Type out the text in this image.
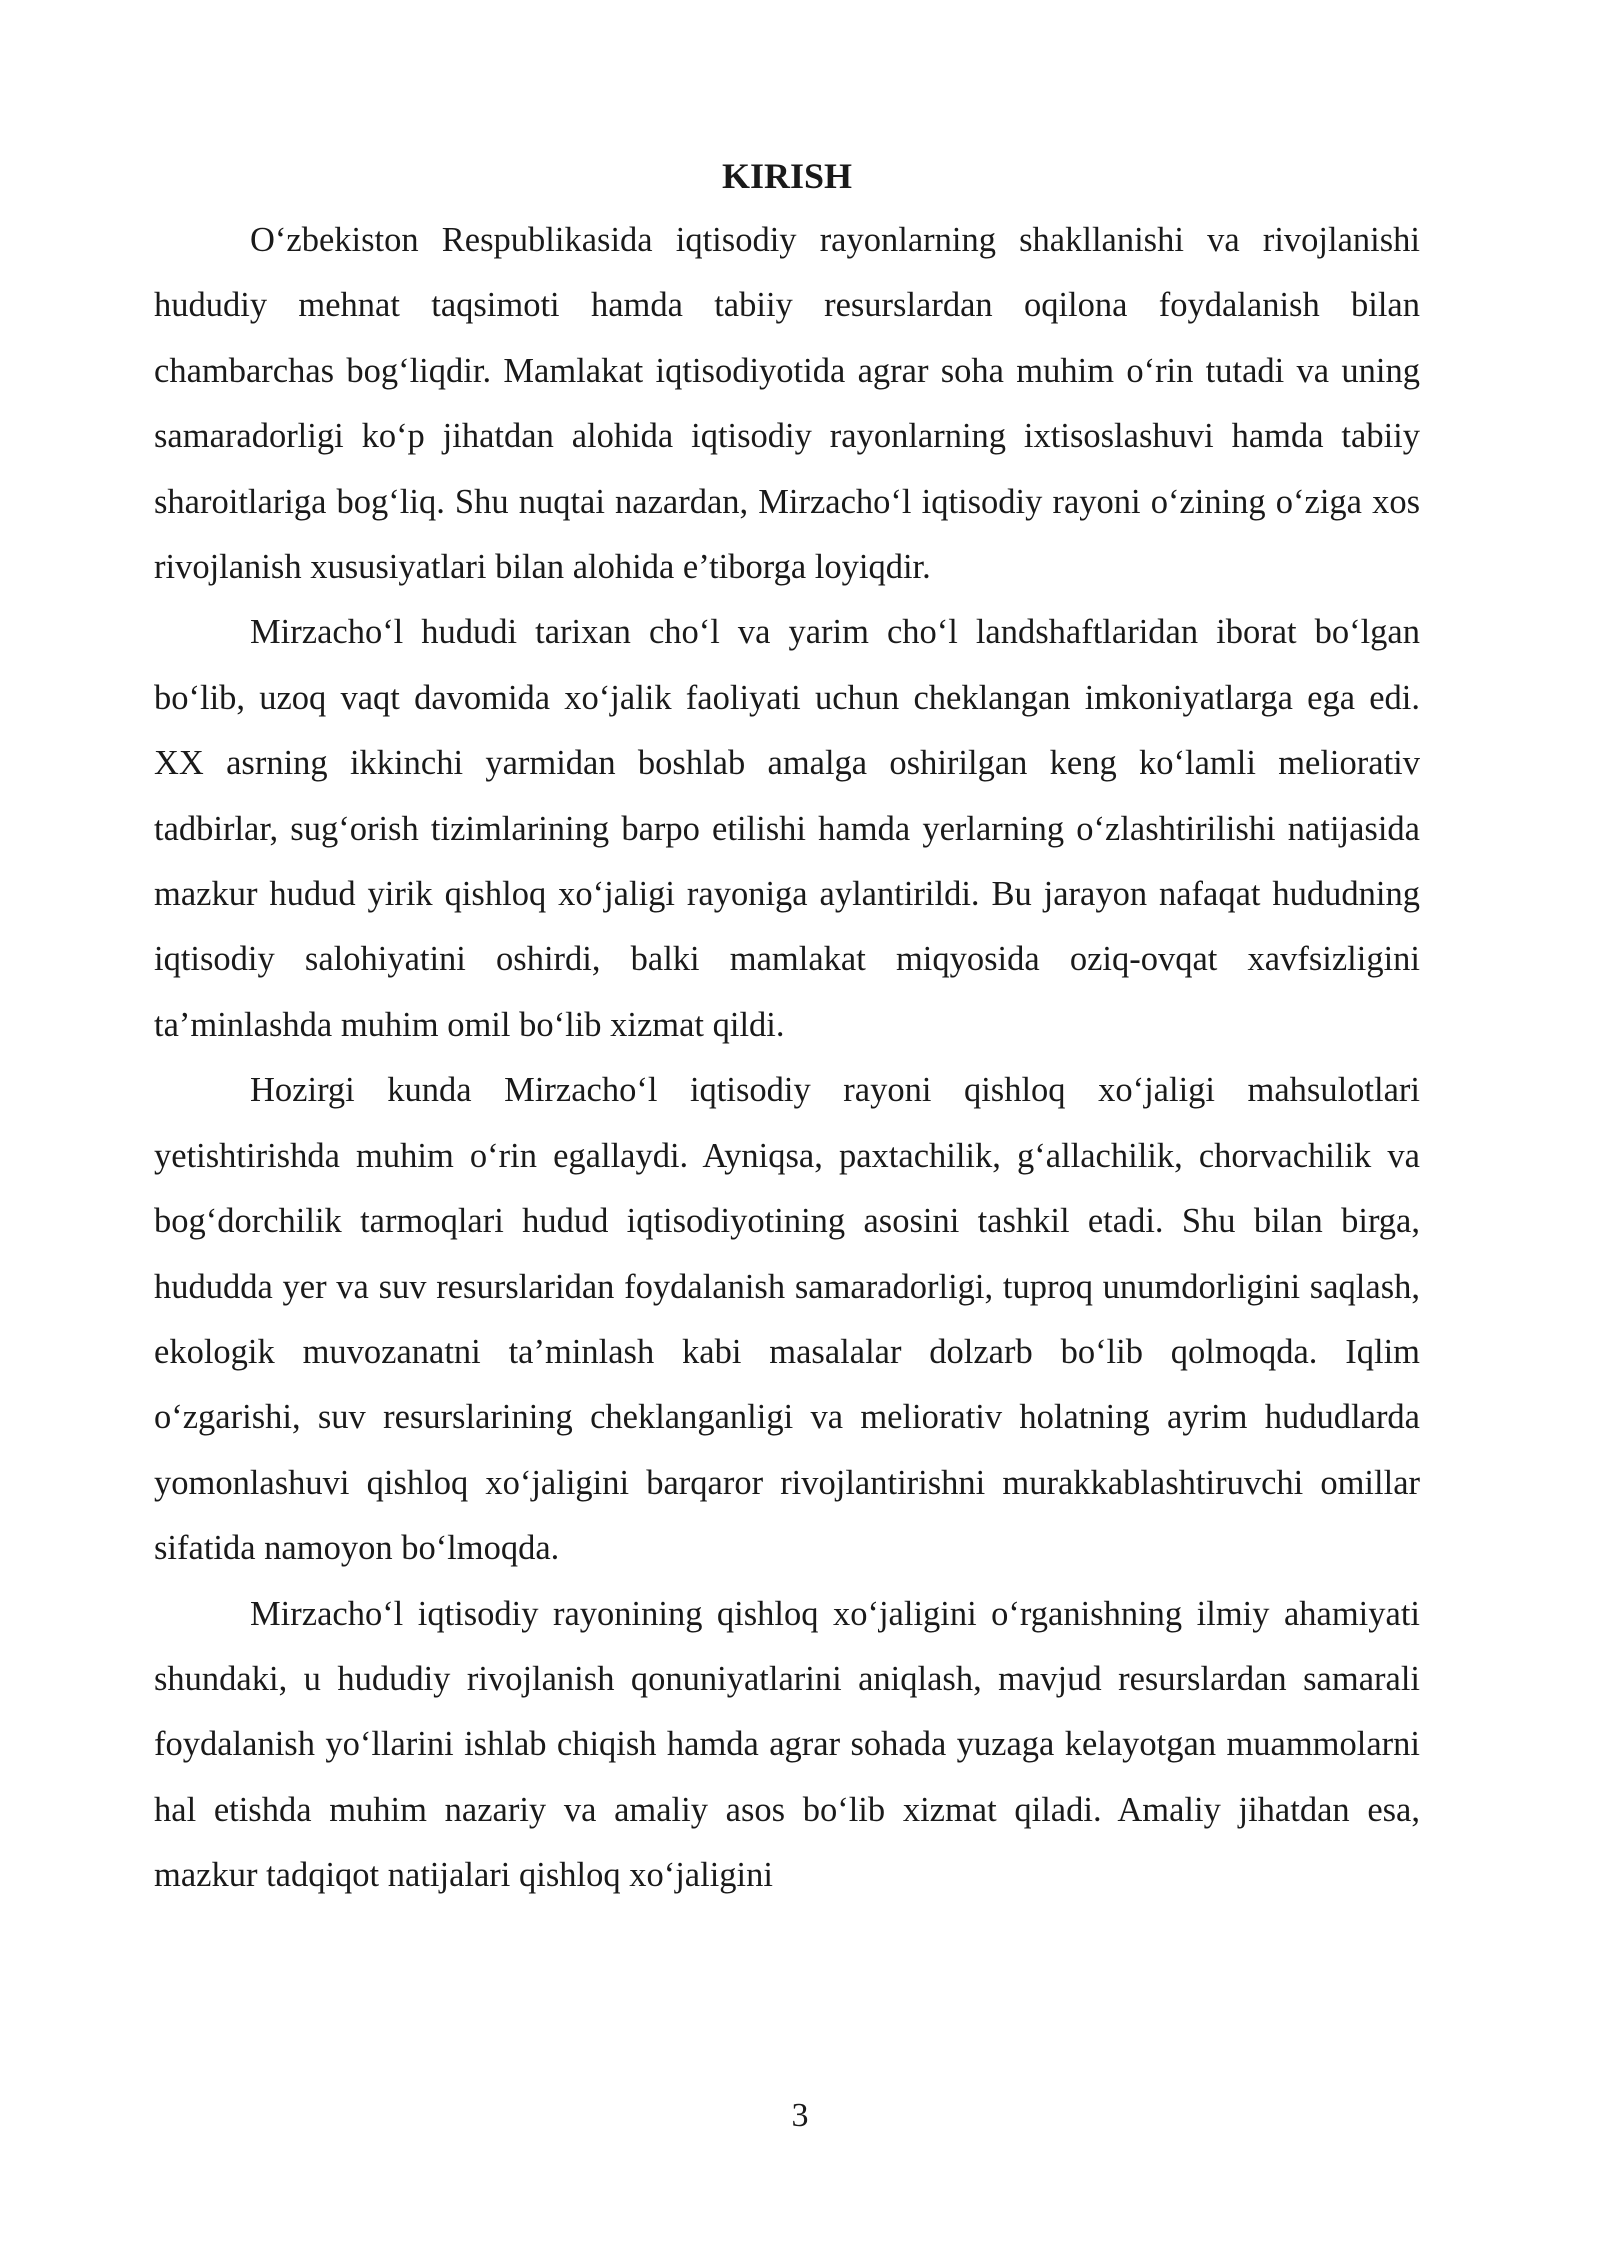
KIRISH

O‘zbekiston Respublikasida iqtisodiy rayonlarning shakllanishi va rivojlanishi hududiy mehnat taqsimoti hamda tabiiy resurslardan oqilona foydalanish bilan chambarchas bog‘liqdir. Mamlakat iqtisodiyotida agrar soha muhim o‘rin tutadi va uning samaradorligi ko‘p jihatdan alohida iqtisodiy rayonlarning ixtisoslashuvi hamda tabiiy sharoitlariga bog‘liq. Shu nuqtai nazardan, Mirzacho‘l iqtisodiy rayoni o‘zining o‘ziga xos rivojlanish xususiyatlari bilan alohida e’tiborga loyiqdir.

Mirzacho‘l hududi tarixan cho‘l va yarim cho‘l landshaftlaridan iborat bo‘lgan bo‘lib, uzoq vaqt davomida xo‘jalik faoliyati uchun cheklangan imkoniyatlarga ega edi. XX asrning ikkinchi yarmidan boshlab amalga oshirilgan keng ko‘lamli meliorativ tadbirlar, sug‘orish tizimlarining barpo etilishi hamda yerlarning o‘zlashtirilishi natijasida mazkur hudud yirik qishloq xo‘jaligi rayoniga aylantirildi. Bu jarayon nafaqat hududning iqtisodiy salohiyatini oshirdi, balki mamlakat miqyosida oziq-ovqat xavfsizligini ta’minlashda muhim omil bo‘lib xizmat qildi.

Hozirgi kunda Mirzacho‘l iqtisodiy rayoni qishloq xo‘jaligi mahsulotlari yetishtirishda muhim o‘rin egallaydi. Ayniqsa, paxtachilik, g‘allachilik, chorvachilik va bog‘dorchilik tarmoqlari hudud iqtisodiyotining asosini tashkil etadi. Shu bilan birga, hududda yer va suv resurslaridan foydalanish samaradorligi, tuproq unumdorligini saqlash, ekologik muvozanatni ta’minlash kabi masalalar dolzarb bo‘lib qolmoqda. Iqlim o‘zgarishi, suv resurslarining cheklanganligi va meliorativ holatning ayrim hududlarda yomonlashuvi qishloq xo‘jaligini barqaror rivojlantirishni murakkablashtiruvchi omillar sifatida namoyon bo‘lmoqda.

Mirzacho‘l iqtisodiy rayonining qishloq xo‘jaligini o‘rganishning ilmiy ahamiyati shundaki, u hududiy rivojlanish qonuniyatlarini aniqlash, mavjud resurslardan samarali foydalanish yo‘llarini ishlab chiqish hamda agrar sohada yuzaga kelayotgan muammolarni hal etishda muhim nazariy va amaliy asos bo‘lib xizmat qiladi. Amaliy jihatdan esa, mazkur tadqiqot natijalari qishloq xo‘jaligini

3
